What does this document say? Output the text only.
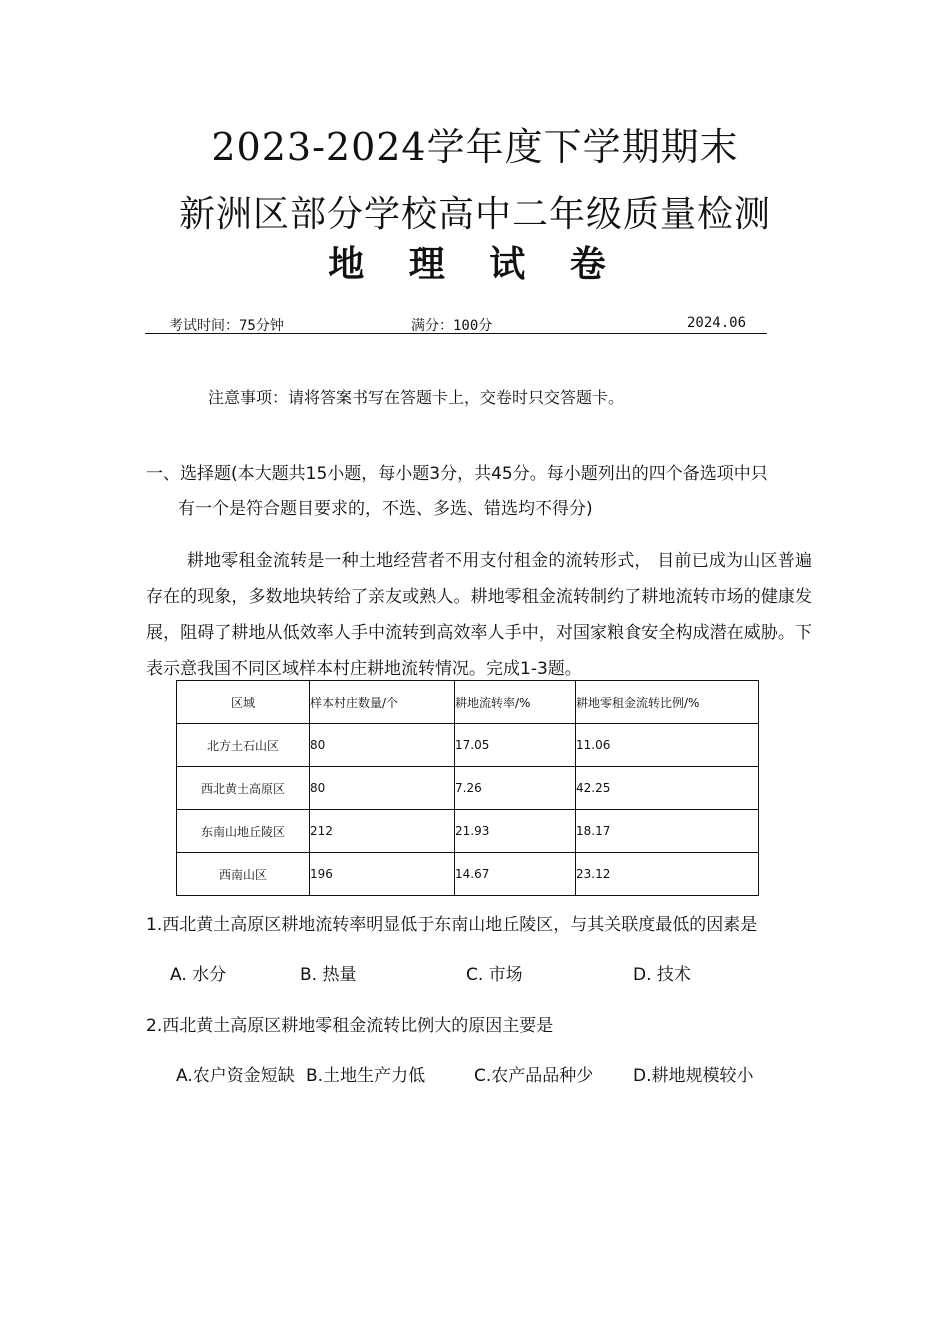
2023-2024学年度下学期期末
新洲区部分学校高中二年级质量检测
地 理 试 卷
考试时间：75分钟	满分：100分	2024.06
注意事项：请将答案书写在答题卡上，交卷时只交答题卡。
一、选择题(本大题共15小题，每小题3分，共45分。每小题列出的四个备选项中只
有一个是符合题目要求的，不选、多选、错选均不得分)
耕地零租金流转是一种土地经营者不用支付租金的流转形式， 目前已成为山区普遍存在的现象，多数地块转给了亲友或熟人。耕地零租金流转制约了耕地流转市场的健康发展，阻碍了耕地从低效率人手中流转到高效率人手中，对国家粮食安全构成潜在威胁。下表示意我国不同区域样本村庄耕地流转情况。完成1-3题。
区域	样本村庄数量/个	耕地流转率/%	耕地零租金流转比例/%
北方土石山区	80	17.05	11.06
西北黄土高原区	80	7.26	42.25
东南山地丘陵区	212	21.93	18.17
西南山区	196	14.67	23.12
1.西北黄土高原区耕地流转率明显低于东南山地丘陵区，与其关联度最低的因素是
A. 水分	B. 热量	C. 市场	D. 技术
2.西北黄土高原区耕地零租金流转比例大的原因主要是
A.农户资金短缺 B.土地生产力低	C.农产品品种少 D.耕地规模较小
